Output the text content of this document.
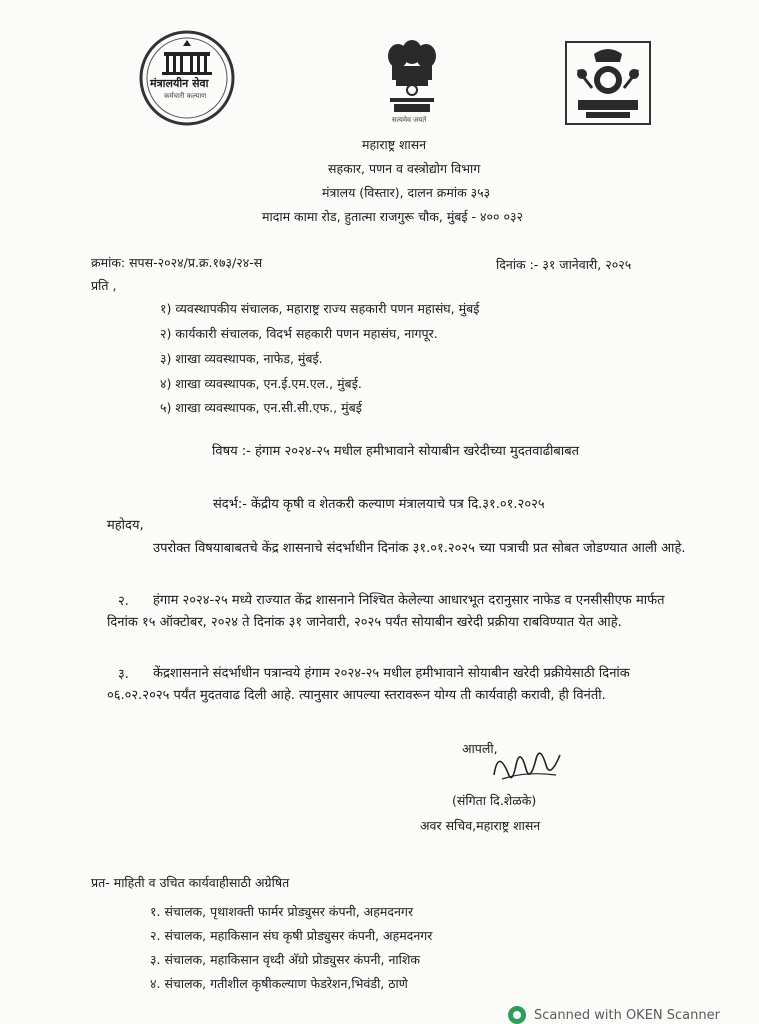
मंत्रालयीन सेवा
कर्मचारी कल्याण
सत्यमेव जयते
महाराष्ट्र शासन
सहकार, पणन व वस्त्रोद्योग विभाग
मंत्रालय (विस्तार), दालन क्रमांक ३५३
मादाम कामा रोड, हुतात्मा राजगुरू चौक, मुंबई - ४०० ०३२
क्रमांक: सपस-२०२४/प्र.क्र.१७३/२४-स	दिनांक :- ३१ जानेवारी, २०२५
प्रति ,
१) व्यवस्थापकीय संचालक, महाराष्ट्र राज्य सहकारी पणन महासंघ, मुंबई
२) कार्यकारी संचालक, विदर्भ सहकारी पणन महासंघ, नागपूर.
३) शाखा व्यवस्थापक, नाफेड, मुंबई.
४) शाखा व्यवस्थापक, एन.ई.एम.एल., मुंबई.
५) शाखा व्यवस्थापक, एन.सी.सी.एफ., मुंबई
विषय :- हंगाम २०२४-२५ मधील हमीभावाने सोयाबीन खरेदीच्या मुदतवाढीबाबत
संदर्भ:- केंद्रीय कृषी व शेतकरी कल्याण मंत्रालयाचे पत्र दि.३१.०१.२०२५
महोदय,
उपरोक्त विषयाबाबतचे केंद्र शासनाचे संदर्भाधीन दिनांक ३१.०१.२०२५ च्या पत्राची प्रत सोबत जोडण्यात आली आहे.
२.	हंगाम २०२४-२५ मध्ये राज्यात केंद्र शासनाने निश्चित केलेल्या आधारभूत दरानुसार नाफेड व एनसीसीएफ मार्फत दिनांक १५ ऑक्टोबर, २०२४ ते दिनांक ३१ जानेवारी, २०२५ पर्यंत सोयाबीन खरेदी प्रक्रीया राबविण्यात येत आहे.
३.	केंद्रशासनाने संदर्भाधीन पत्रान्वये हंगाम २०२४-२५ मधील हमीभावाने सोयाबीन खरेदी प्रक्रीयेसाठी दिनांक ०६.०२.२०२५ पर्यंत मुदतवाढ दिली आहे. त्यानुसार आपल्या स्तरावरून योग्य ती कार्यवाही करावी, ही विनंती.
आपली,
(संगिता दि.शेळके)
अवर सचिव,महाराष्ट्र शासन
प्रत- माहिती व उचित कार्यवाहीसाठी अग्रेषित
१. संचालक, पृथाशक्ती फार्मर प्रोड्युसर कंपनी, अहमदनगर
२. संचालक, महाकिसान संघ कृषी प्रोड्युसर कंपनी, अहमदनगर
३. संचालक, महाकिसान वृध्दी अ‍ॅग्रो प्रोड्युसर कंपनी, नाशिक
४. संचालक, गतीशील कृषीकल्याण फेडरेशन,भिवंडी, ठाणे
Scanned with OKEN Scanner
